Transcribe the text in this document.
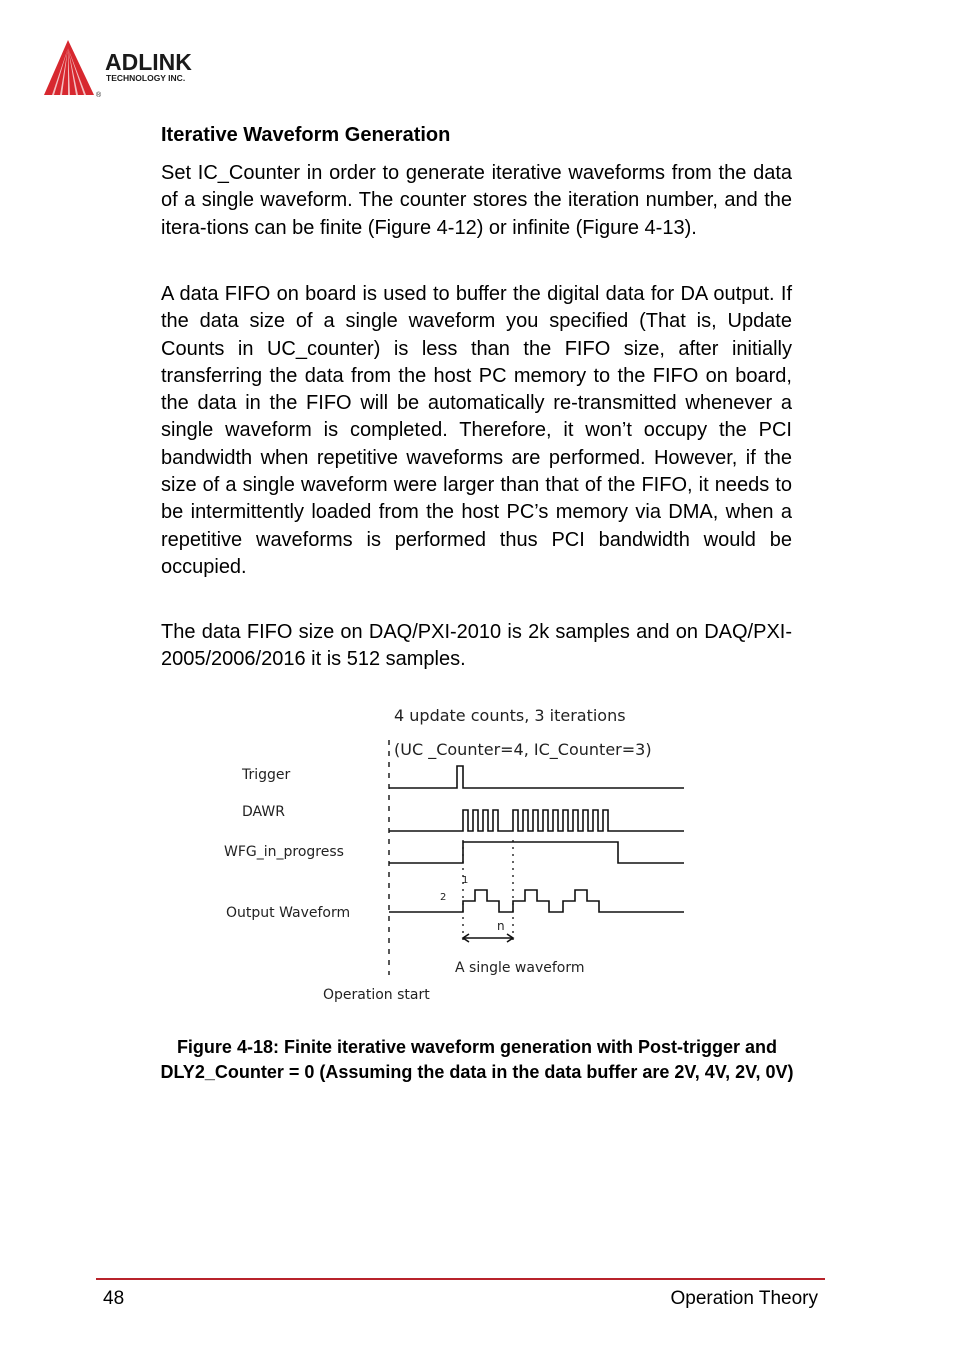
ADLINK
TECHNOLOGY INC.
®
Iterative Waveform Generation

Set IC_Counter in order to generate iterative waveforms from the data of a single waveform. The counter stores the iteration number, and the itera-tions can be finite (Figure 4-12) or infinite (Figure 4-13).

A data FIFO on board is used to buffer the digital data for DA output. If the data size of a single waveform you specified (That is, Update Counts in UC_counter) is less than the FIFO size, after initially transferring the data from the host PC memory to the FIFO on board, the data in the FIFO will be automatically re-transmitted whenever a single waveform is completed. Therefore, it won’t occupy the PCI bandwidth when repetitive waveforms are performed. However, if the size of a single waveform were larger than that of the FIFO, it needs to be intermittently loaded from the host PC’s memory via DMA, when a repetitive waveforms is performed thus PCI bandwidth would be occupied.

The data FIFO size on DAQ/PXI-2010 is 2k samples and on DAQ/PXI-2005/2006/2016 it is 512 samples.

4 update counts, 3 iterations
(UC _Counter=4, IC_Counter=3)
Trigger
DAWR
WFG_in_progress
Output Waveform
1
2
n
A single waveform
Operation start
Figure 4-18: Finite iterative waveform generation with Post-trigger and
DLY2_Counter = 0 (Assuming the data in the data buffer are 2V, 4V, 2V, 0V)
48	Operation Theory
